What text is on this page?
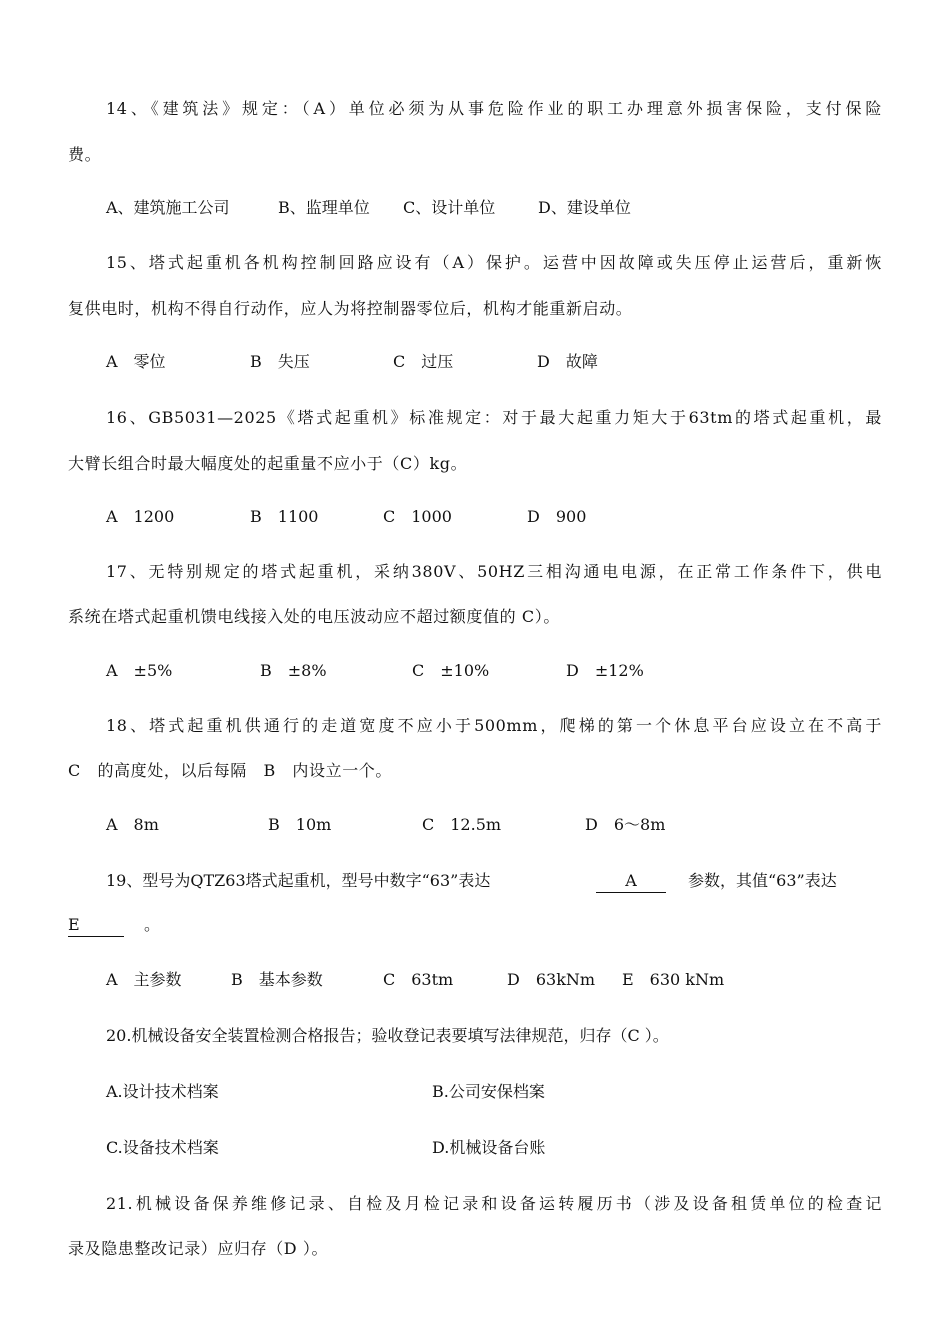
14、《建筑法》规定：（A）单位必须为从事危险作业的职工办理意外损害保险，支付保险
费。
A、建筑施工公司	B、监理单位 C、设计单位	D、建设单位
15、塔式起重机各机构控制回路应设有（A）保护。运营中因故障或失压停止运营后，重新恢
复供电时，机构不得自行动作，应人为将控制器零位后，机构才能重新启动。
A　零位	B　失压	C　过压	D　故障
16、GB5031—2025《塔式起重机》标准规定：对于最大起重力矩大于63tm的塔式起重机，最
大臂长组合时最大幅度处的起重量不应小于（C）kg。
A　1200	B　1100	C　1000	D　900
17、无特别规定的塔式起重机，采纳380V、50HZ三相沟通电电源，在正常工作条件下，供电
系统在塔式起重机馈电线接入处的电压波动应不超过额度值的 C）。
A　±5%	B　±8%	C　±10%	D　±12%
18、塔式起重机供通行的走道宽度不应小于500mm，爬梯的第一个休息平台应设立在不高于
C　的高度处，以后每隔　B　内设立一个。
A　8m	B　10m	C　12.5m	D　6～8m
19、型号为QTZ63塔式起重机，型号中数字“63”表达	A	参数，其值“63”表达
E	。
A　主参数	B　基本参数	C　63tm	D　63kNm E　630 kNm
20.机械设备安全装置检测合格报告；验收登记表要填写法律规范，归存（C ）。
A.设计技术档案	B.公司安保档案
C.设备技术档案	D.机械设备台账
21.机械设备保养维修记录、自检及月检记录和设备运转履历书（涉及设备租赁单位的检查记
录及隐患整改记录）应归存（D ）。
